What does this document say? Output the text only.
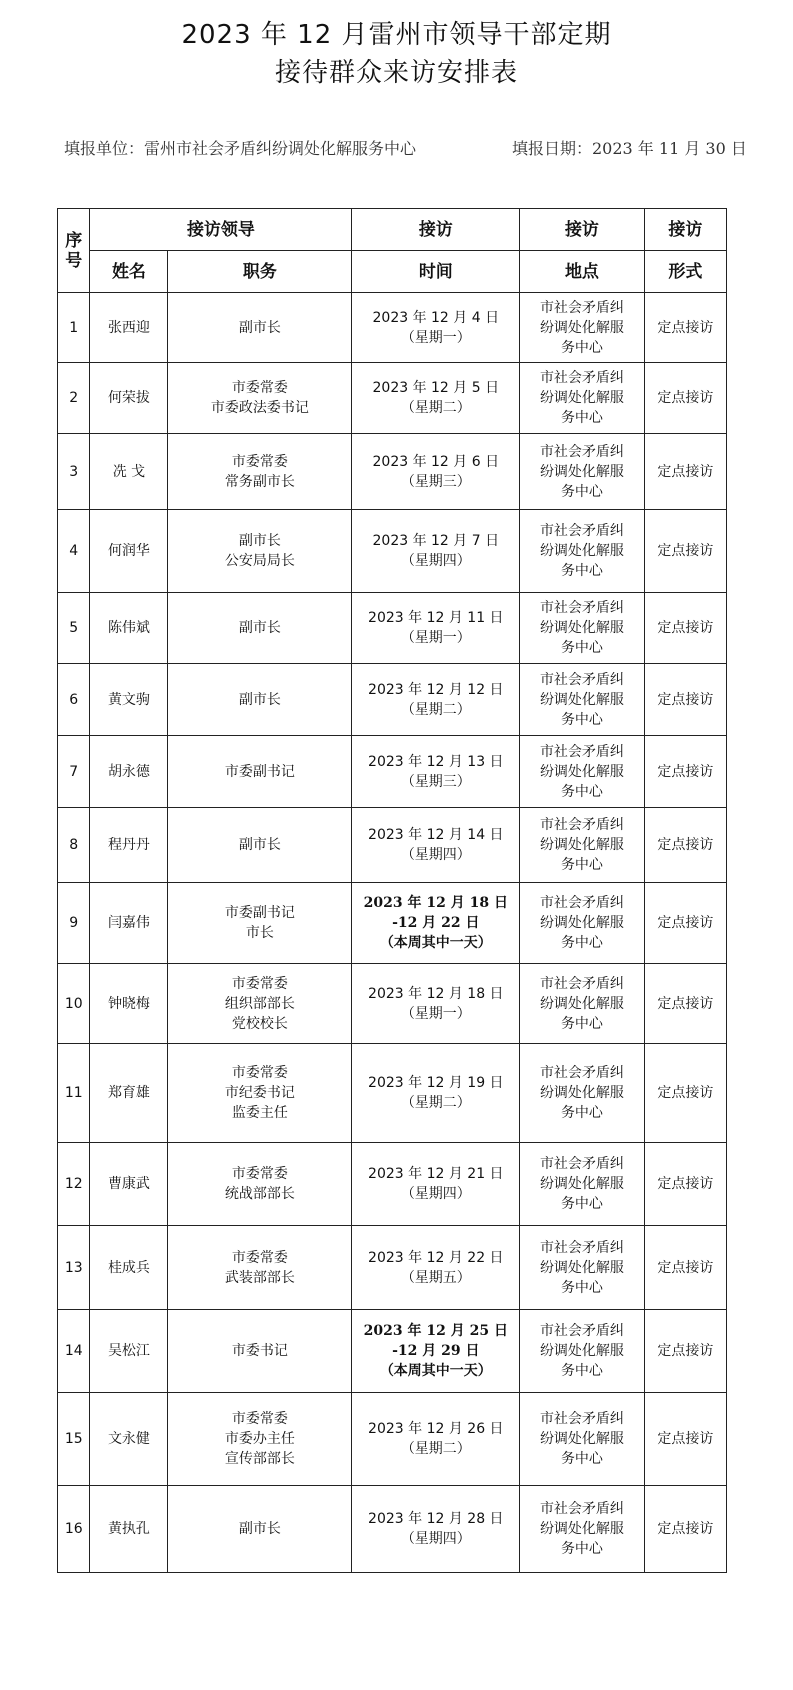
2023 年 12 月雷州市领导干部定期
接待群众来访安排表
填报单位：雷州市社会矛盾纠纷调处化解服务中心	填报日期：2023 年 11 月 30 日
序
号	接访领导		接访	接访	接访
	姓名	职务	时间	地点	形式
1	张西迎	副市长	2023 年 12 月 4 日
（星期一）	市社会矛盾纠
纷调处化解服
务中心	定点接访
2	何荣拔	市委常委
市委政法委书记	2023 年 12 月 5 日
（星期二）	市社会矛盾纠
纷调处化解服
务中心	定点接访
3	冼 戈	市委常委
常务副市长	2023 年 12 月 6 日
（星期三）	市社会矛盾纠
纷调处化解服
务中心	定点接访
4	何润华	副市长
公安局局长	2023 年 12 月 7 日
（星期四）	市社会矛盾纠
纷调处化解服
务中心	定点接访
5	陈伟斌	副市长	2023 年 12 月 11 日
（星期一）	市社会矛盾纠
纷调处化解服
务中心	定点接访
6	黄文驹	副市长	2023 年 12 月 12 日
（星期二）	市社会矛盾纠
纷调处化解服
务中心	定点接访
7	胡永德	市委副书记	2023 年 12 月 13 日
（星期三）	市社会矛盾纠
纷调处化解服
务中心	定点接访
8	程丹丹	副市长	2023 年 12 月 14 日
（星期四）	市社会矛盾纠
纷调处化解服
务中心	定点接访
9	闫嘉伟	市委副书记
市长	2023 年 12 月 18 日
-12 月 22 日
（本周其中一天）	市社会矛盾纠
纷调处化解服
务中心	定点接访
10	钟晓梅	市委常委
组织部部长
党校校长	2023 年 12 月 18 日
（星期一）	市社会矛盾纠
纷调处化解服
务中心	定点接访
11	郑育雄	市委常委
市纪委书记
监委主任	2023 年 12 月 19 日
（星期二）	市社会矛盾纠
纷调处化解服
务中心	定点接访
12	曹康武	市委常委
统战部部长	2023 年 12 月 21 日
（星期四）	市社会矛盾纠
纷调处化解服
务中心	定点接访
13	桂成兵	市委常委
武装部部长	2023 年 12 月 22 日
（星期五）	市社会矛盾纠
纷调处化解服
务中心	定点接访
14	吴松江	市委书记	2023 年 12 月 25 日
-12 月 29 日
（本周其中一天）	市社会矛盾纠
纷调处化解服
务中心	定点接访
15	文永健	市委常委
市委办主任
宣传部部长	2023 年 12 月 26 日
（星期二）	市社会矛盾纠
纷调处化解服
务中心	定点接访
16	黄执孔	副市长	2023 年 12 月 28 日
（星期四）	市社会矛盾纠
纷调处化解服
务中心	定点接访
